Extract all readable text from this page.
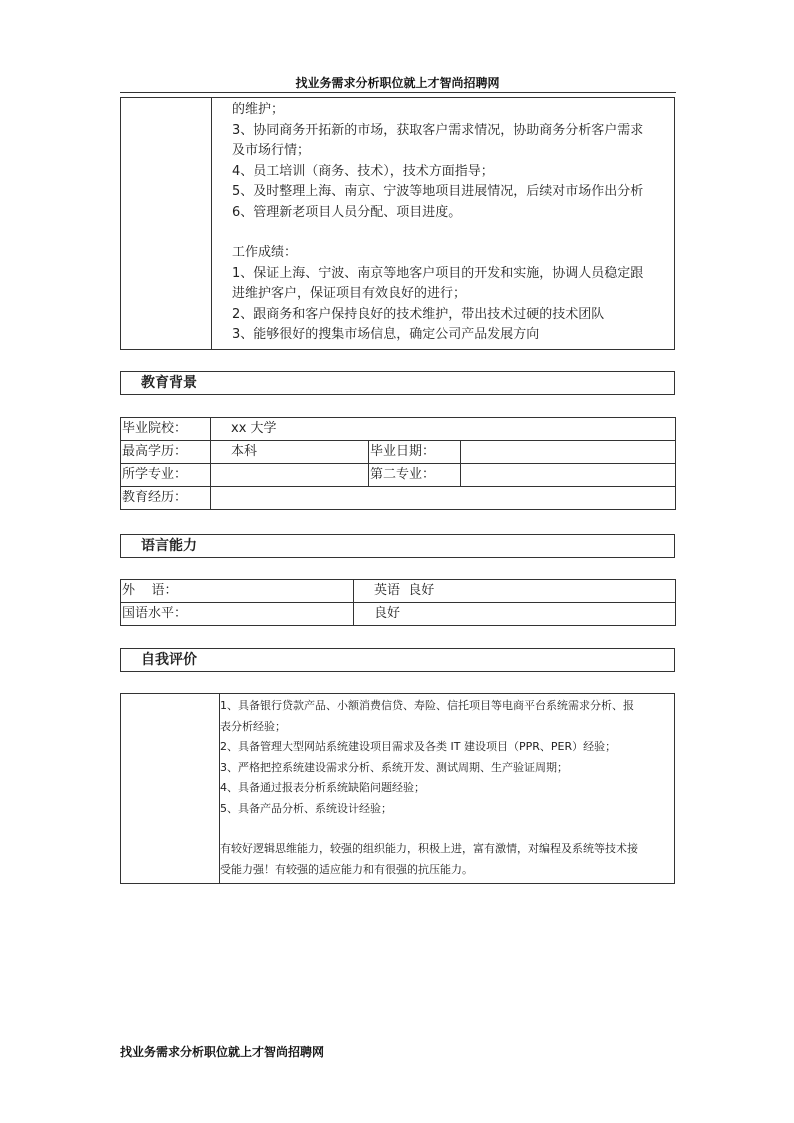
找业务需求分析职位就上才智尚招聘网

的维护；
3、协同商务开拓新的市场，获取客户需求情况，协助商务分析客户需求
及市场行情；
4、员工培训（商务、技术），技术方面指导；
5、及时整理上海、南京、宁波等地项目进展情况，后续对市场作出分析
6、管理新老项目人员分配、项目进度。
工作成绩：
1、保证上海、宁波、南京等地客户项目的开发和实施，协调人员稳定跟
进维护客户，保证项目有效良好的进行；
2、跟商务和客户保持良好的技术维护，带出技术过硬的技术团队
3、能够很好的搜集市场信息，确定公司产品发展方向
教育背景
毕业院校：	xx 大学		
最高学历：	本科	毕业日期：	
所学专业：		第二专业：	
教育经历：			
语言能力
外    语：	英语  良好
国语水平：	良好
自我评价

1、具备银行贷款产品、小额消费信贷、寿险、信托项目等电商平台系统需求分析、报
表分析经验；
2、具备管理大型网站系统建设项目需求及各类 IT 建设项目（PPR、PER）经验；
3、严格把控系统建设需求分析、系统开发、测试周期、生产验证周期；
4、具备通过报表分析系统缺陷问题经验；
5、具备产品分析、系统设计经验；
有较好逻辑思维能力，较强的组织能力，积极上进，富有激情，对编程及系统等技术接
受能力强！有较强的适应能力和有很强的抗压能力。
找业务需求分析职位就上才智尚招聘网
